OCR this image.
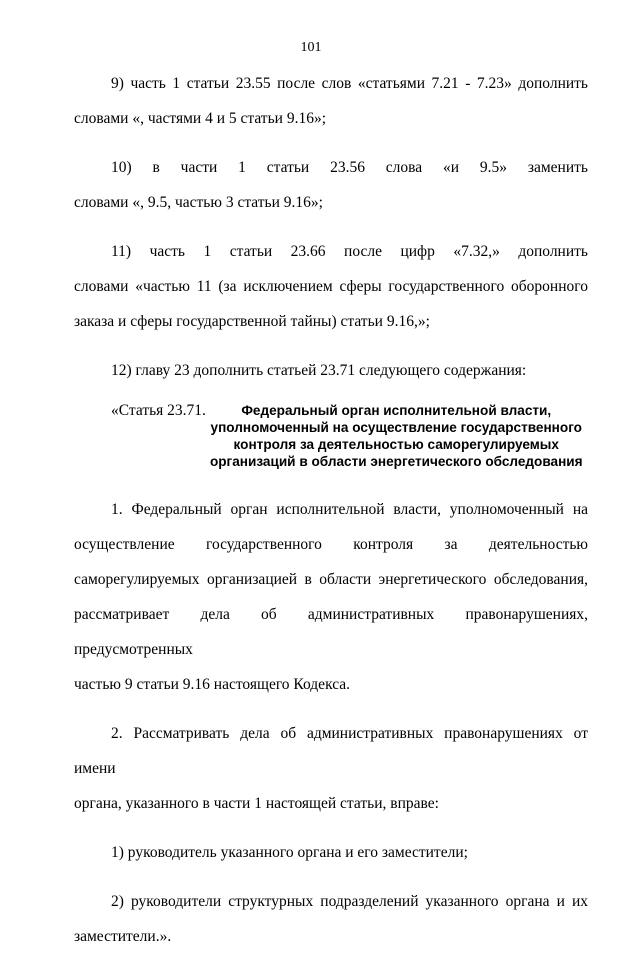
101

9) часть 1 статьи 23.55 после слов «статьями 7.21 - 7.23» дополнить
словами «, частями 4 и 5 статьи 9.16»;

10) в части 1 статьи 23.56 слова «и 9.5» заменить
словами «, 9.5, частью 3 статьи 9.16»;

11) часть 1 статьи 23.66 после цифр «7.32,» дополнить
словами «частью 11 (за исключением сферы государственного оборонного
заказа и сферы государственной тайны) статьи 9.16,»;

12) главу 23 дополнить статьей 23.71 следующего содержания:

«Статья 23.71.	Федеральный орган исполнительной власти,
уполномоченный на осуществление государственного
контроля за деятельностью саморегулируемых
организаций в области энергетического обследования

1. Федеральный орган исполнительной власти, уполномоченный на
осуществление государственного контроля за деятельностью
саморегулируемых организацией в области энергетического обследования,
рассматривает дела об административных правонарушениях, предусмотренных
частью 9 статьи 9.16 настоящего Кодекса.

2. Рассматривать дела об административных правонарушениях от имени
органа, указанного в части 1 настоящей статьи, вправе:

1) руководитель указанного органа и его заместители;

2) руководители структурных подразделений указанного органа и их
заместители.».
